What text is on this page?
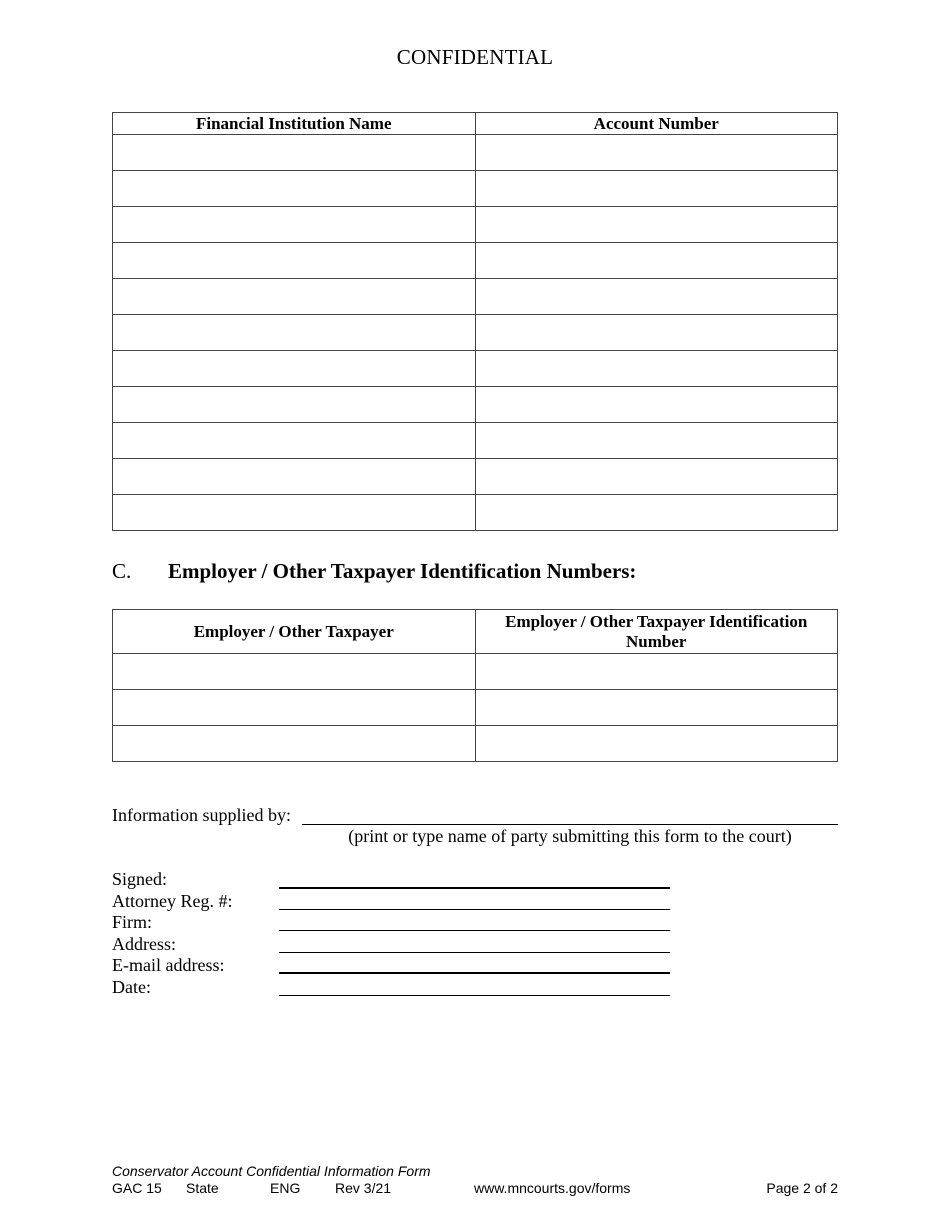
CONFIDENTIAL
Financial Institution Name	Account Number

C. Employer / Other Taxpayer Identification Numbers:
Employer / Other Taxpayer	Employer / Other Taxpayer Identification Number

Information supplied by:
(print or type name of party submitting this form to the court)
Signed:
Attorney Reg. #:
Firm:
Address:
E-mail address:
Date:
Conservator Account Confidential Information Form
GAC 15 State	ENG Rev 3/21	www.mncourts.gov/forms	Page 2 of 2
